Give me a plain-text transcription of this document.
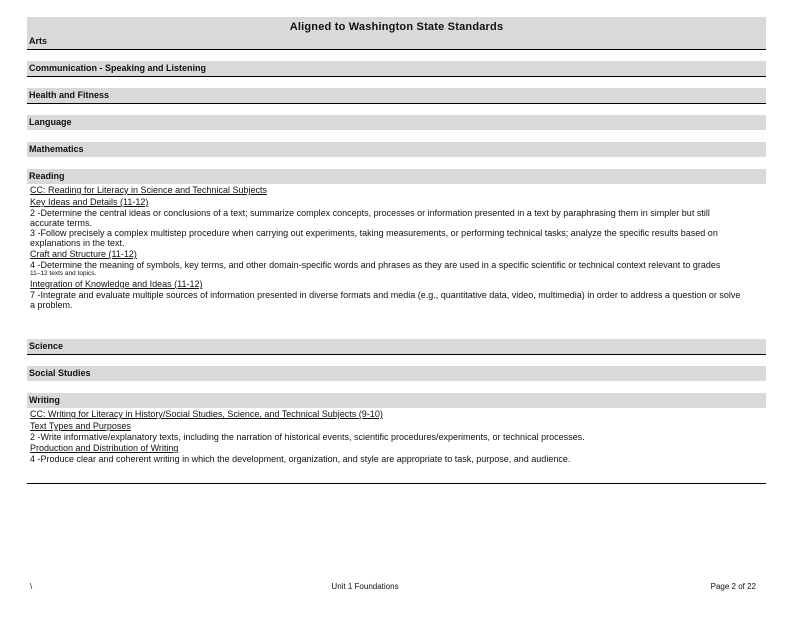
Aligned to Washington State Standards
Arts
Communication - Speaking and Listening
Health and Fitness
Language
Mathematics
Reading
CC: Reading for Literacy in Science and Technical Subjects
Key Ideas and Details (11-12)
2 -Determine the central ideas or conclusions of a text; summarize complex concepts, processes or information presented in a text by paraphrasing them in simpler but still accurate terms.
3 -Follow precisely a complex multistep procedure when carrying out experiments, taking measurements, or performing technical tasks; analyze the specific results based on explanations in the text.
Craft and Structure (11-12)
4 -Determine the meaning of symbols, key terms, and other domain-specific words and phrases as they are used in a specific scientific or technical context relevant to grades
11–12 texts and topics.
Integration of Knowledge and Ideas (11-12)
7 -Integrate and evaluate multiple sources of information presented in diverse formats and media (e.g., quantitative data, video, multimedia) in order to address a question or solve a problem.
Science
Social Studies
Writing
CC: Writing for Literacy in History/Social Studies, Science, and Technical Subjects (9-10)
Text Types and Purposes
2 -Write informative/explanatory texts, including the narration of historical events, scientific procedures/experiments, or technical processes.
Production and Distribution of Writing
4 -Produce clear and coherent writing in which the development, organization, and style are appropriate to task, purpose, and audience.
\	Unit 1 Foundations	Page 2 of 22
